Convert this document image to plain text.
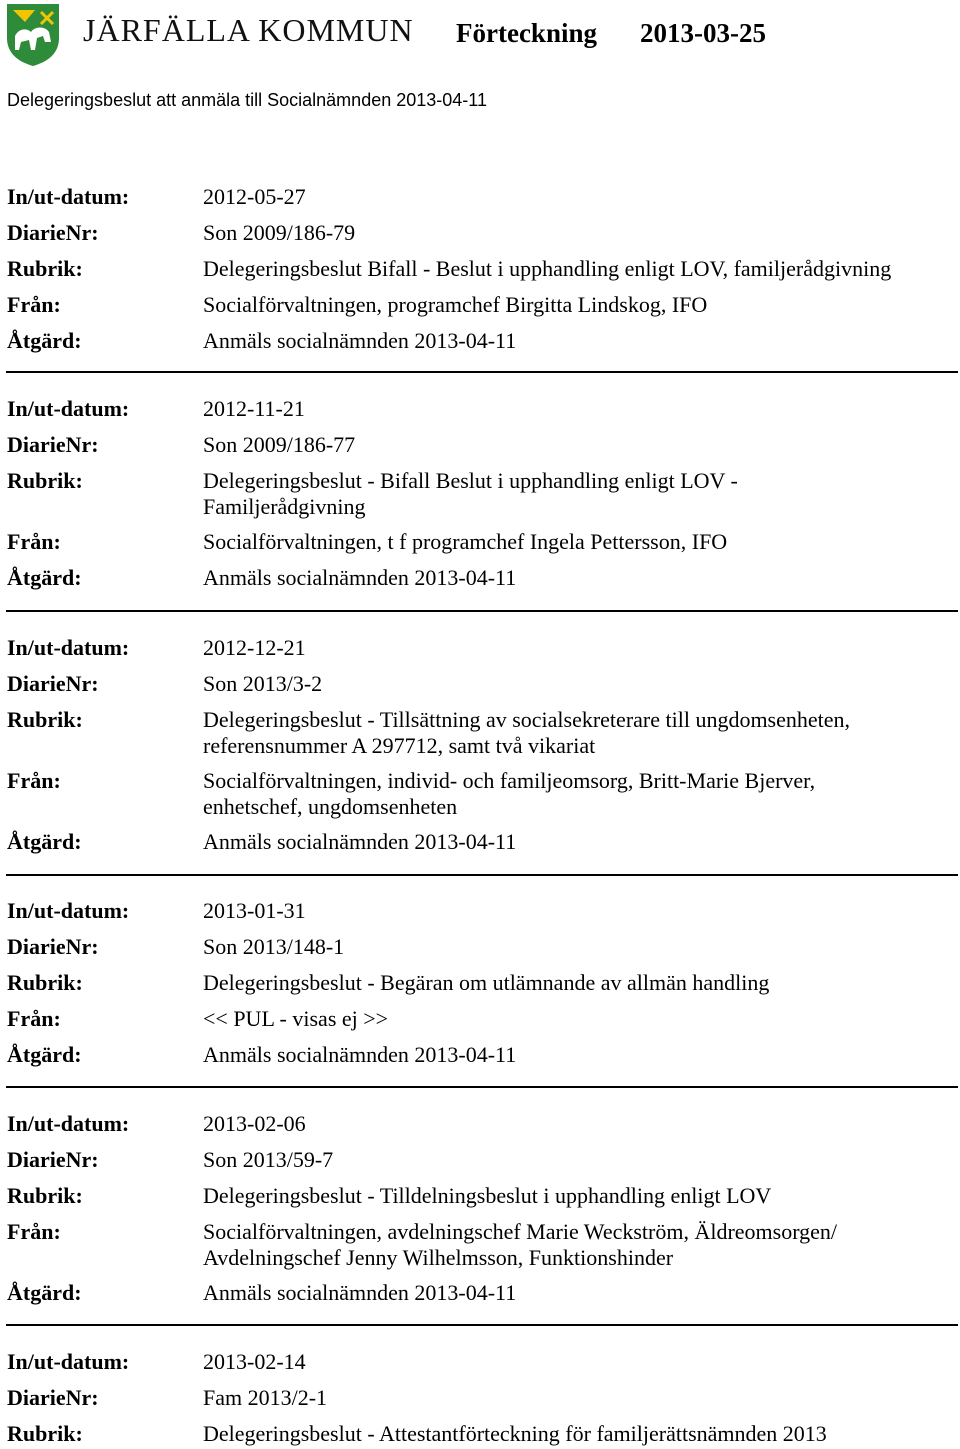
JÄRFÄLLA KOMMUN Förteckning 2013-03-25
Delegeringsbeslut att anmäla till Socialnämnden 2013-04-11
In/ut-datum:	2012-05-27
DiarieNr:	Son 2009/186-79
Rubrik:	Delegeringsbeslut Bifall - Beslut i upphandling enligt LOV, familjerådgivning
Från:	Socialförvaltningen, programchef Birgitta Lindskog, IFO
Åtgärd:	Anmäls socialnämnden 2013-04-11
In/ut-datum:	2012-11-21
DiarieNr:	Son 2009/186-77
Rubrik:	Delegeringsbeslut - Bifall Beslut i upphandling enligt LOV - Familjerådgivning
Från:	Socialförvaltningen, t f programchef Ingela Pettersson, IFO
Åtgärd:	Anmäls socialnämnden 2013-04-11
In/ut-datum:	2012-12-21
DiarieNr:	Son 2013/3-2
Rubrik:	Delegeringsbeslut - Tillsättning av socialsekreterare till ungdomsenheten, referensnummer A 297712, samt två vikariat
Från:	Socialförvaltningen, individ- och familjeomsorg, Britt-Marie Bjerver, enhetschef, ungdomsenheten
Åtgärd:	Anmäls socialnämnden 2013-04-11
In/ut-datum:	2013-01-31
DiarieNr:	Son 2013/148-1
Rubrik:	Delegeringsbeslut - Begäran om utlämnande av allmän handling
Från:	<< PUL - visas ej >>
Åtgärd:	Anmäls socialnämnden 2013-04-11
In/ut-datum:	2013-02-06
DiarieNr:	Son 2013/59-7
Rubrik:	Delegeringsbeslut - Tilldelningsbeslut i upphandling enligt LOV
Från:	Socialförvaltningen, avdelningschef Marie Weckström, Äldreomsorgen/ Avdelningschef Jenny Wilhelmsson, Funktionshinder
Åtgärd:	Anmäls socialnämnden 2013-04-11
In/ut-datum:	2013-02-14
DiarieNr:	Fam 2013/2-1
Rubrik:	Delegeringsbeslut - Attestantförteckning för familjerättsnämnden 2013
